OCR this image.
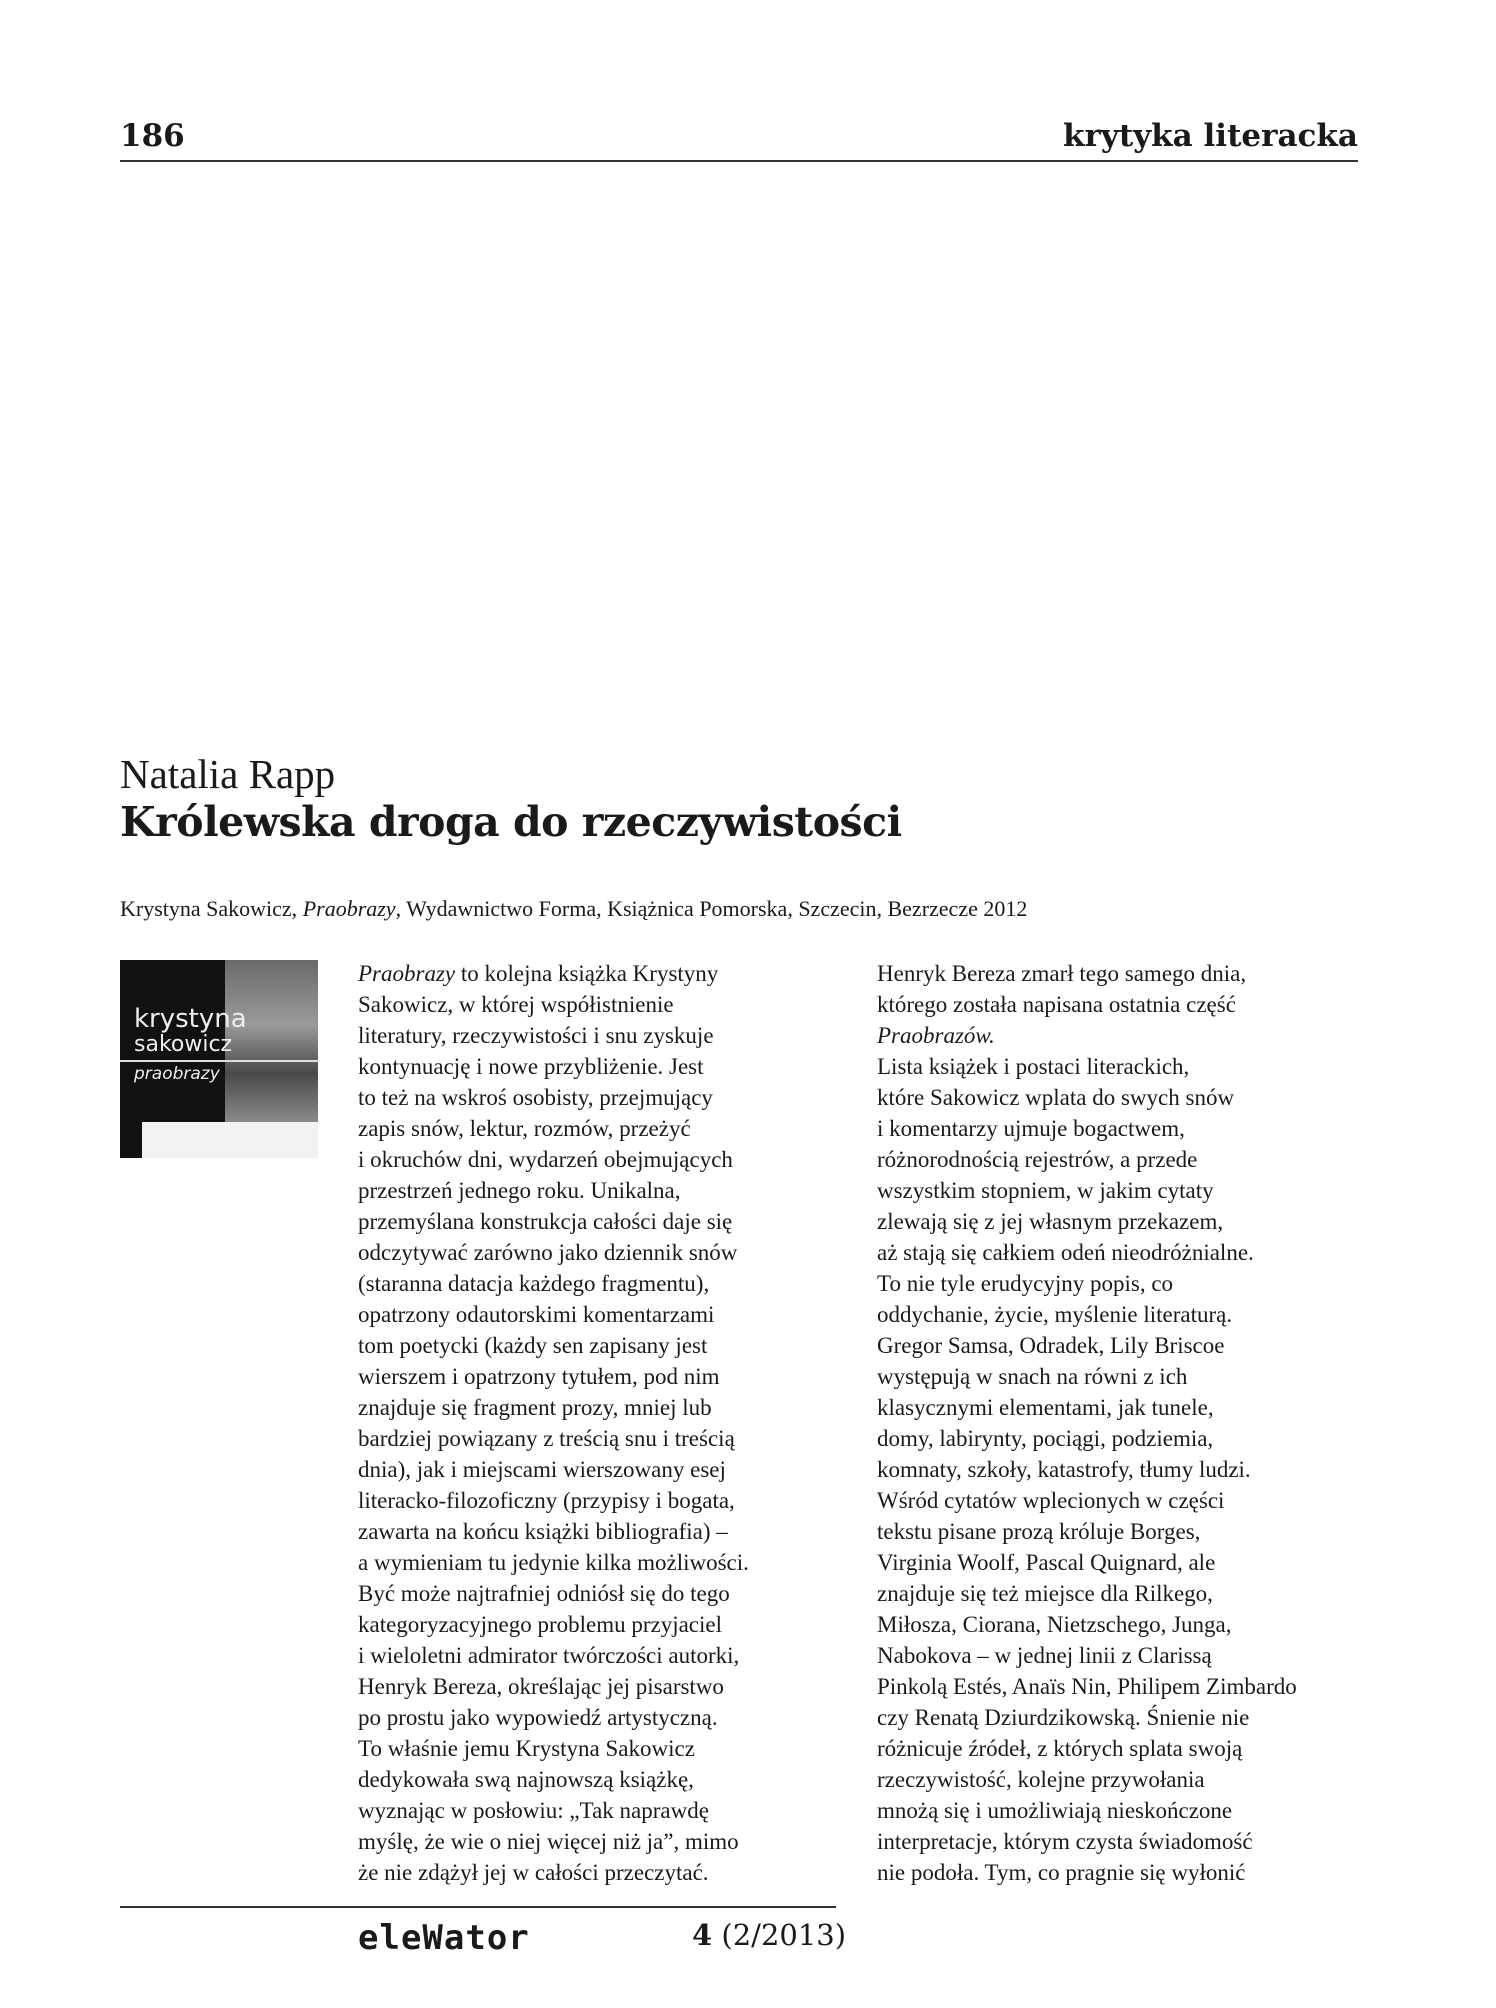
186	krytyka literacka
Natalia Rapp
Królewska droga do rzeczywistości
Krystyna Sakowicz, Praobrazy, Wydawnictwo Forma, Książnica Pomorska, Szczecin, Bezrzecze 2012
krystyna
sakowicz
praobrazy
Praobrazy to kolejna książka Krystyny
Sakowicz, w której współistnienie
literatury, rzeczywistości i snu zyskuje
kontynuację i nowe przybliżenie. Jest
to też na wskroś osobisty, przejmujący
zapis snów, lektur, rozmów, przeżyć
i okruchów dni, wydarzeń obejmujących
przestrzeń jednego roku. Unikalna,
przemyślana konstrukcja całości daje się
odczytywać zarówno jako dziennik snów
(staranna datacja każdego fragmentu),
opatrzony odautorskimi komentarzami
tom poetycki (każdy sen zapisany jest
wierszem i opatrzony tytułem, pod nim
znajduje się fragment prozy, mniej lub
bardziej powiązany z treścią snu i treścią
dnia), jak i miejscami wierszowany esej
literacko-filozoficzny (przypisy i bogata,
zawarta na końcu książki bibliografia) –
a wymieniam tu jedynie kilka możliwości.
Być może najtrafniej odniósł się do tego
kategoryzacyjnego problemu przyjaciel
i wieloletni admirator twórczości autorki,
Henryk Bereza, określając jej pisarstwo
po prostu jako wypowiedź artystyczną.
To właśnie jemu Krystyna Sakowicz
dedykowała swą najnowszą książkę,
wyznając w posłowiu: „Tak naprawdę
myślę, że wie o niej więcej niż ja”, mimo
że nie zdążył jej w całości przeczytać.
Henryk Bereza zmarł tego samego dnia,
którego została napisana ostatnia część
Praobrazów.
Lista książek i postaci literackich,
które Sakowicz wplata do swych snów
i komentarzy ujmuje bogactwem,
różnorodnością rejestrów, a przede
wszystkim stopniem, w jakim cytaty
zlewają się z jej własnym przekazem,
aż stają się całkiem odeń nieodróżnialne.
To nie tyle erudycyjny popis, co
oddychanie, życie, myślenie literaturą.
Gregor Samsa, Odradek, Lily Briscoe
występują w snach na równi z ich
klasycznymi elementami, jak tunele,
domy, labirynty, pociągi, podziemia,
komnaty, szkoły, katastrofy, tłumy ludzi.
Wśród cytatów wplecionych w części
tekstu pisane prozą króluje Borges,
Virginia Woolf, Pascal Quignard, ale
znajduje się też miejsce dla Rilkego,
Miłosza, Ciorana, Nietzschego, Junga,
Nabokova – w jednej linii z Clarissą
Pinkolą Estés, Anaïs Nin, Philipem Zimbardo
czy Renatą Dziurdzikowską. Śnienie nie
różnicuje źródeł, z których splata swoją
rzeczywistość, kolejne przywołania
mnożą się i umożliwiają nieskończone
interpretacje, którym czysta świadomość
nie podoła. Tym, co pragnie się wyłonić
eleWator	4 (2/2013)
